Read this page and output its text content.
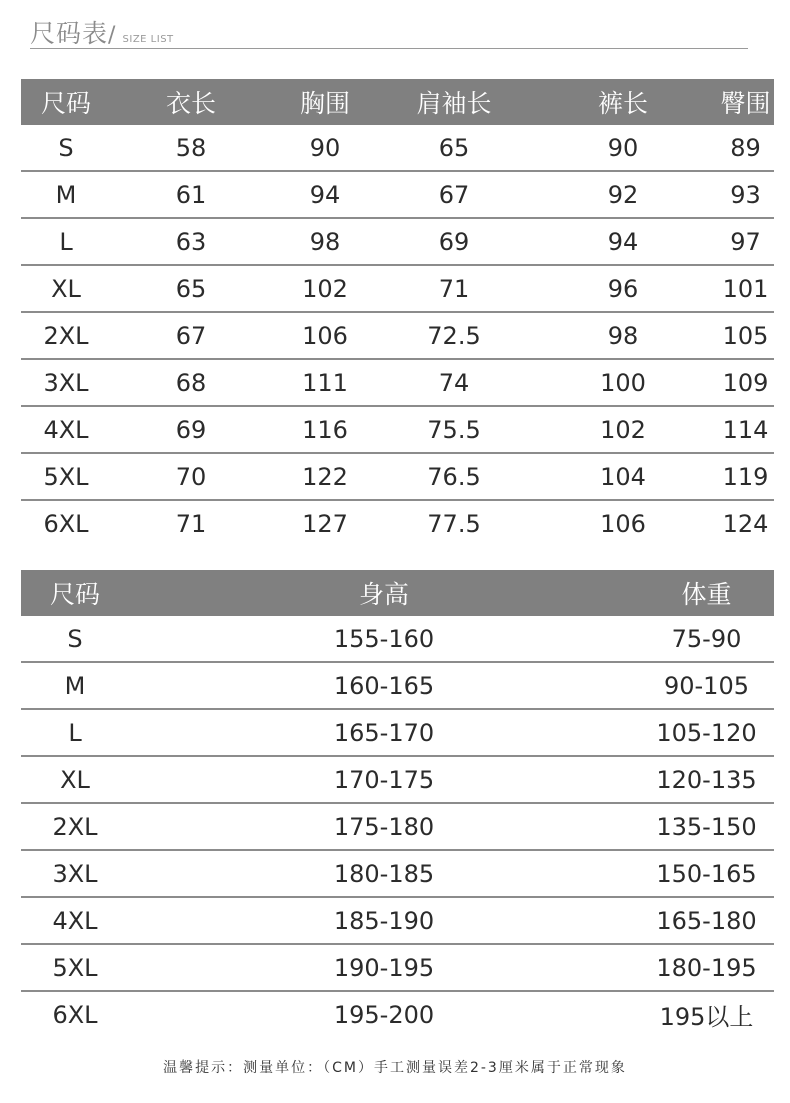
尺码表/ SIZE LIST
尺码	衣长	胸围	肩袖长	裤长	臀围
S	58	90	65	90	89
M	61	94	67	92	93
L	63	98	69	94	97
XL	65	102	71	96	101
2XL	67	106	72.5	98	105
3XL	68	111	74	100	109
4XL	69	116	75.5	102	114
5XL	70	122	76.5	104	119
6XL	71	127	77.5	106	124
尺码	身高	体重
S	155-160	75-90
M	160-165	90-105
L	165-170	105-120
XL	170-175	120-135
2XL	175-180	135-150
3XL	180-185	150-165
4XL	185-190	165-180
5XL	190-195	180-195
6XL	195-200	195以上
温馨提示：测量单位：（CM）手工测量误差2-3厘米属于正常现象
